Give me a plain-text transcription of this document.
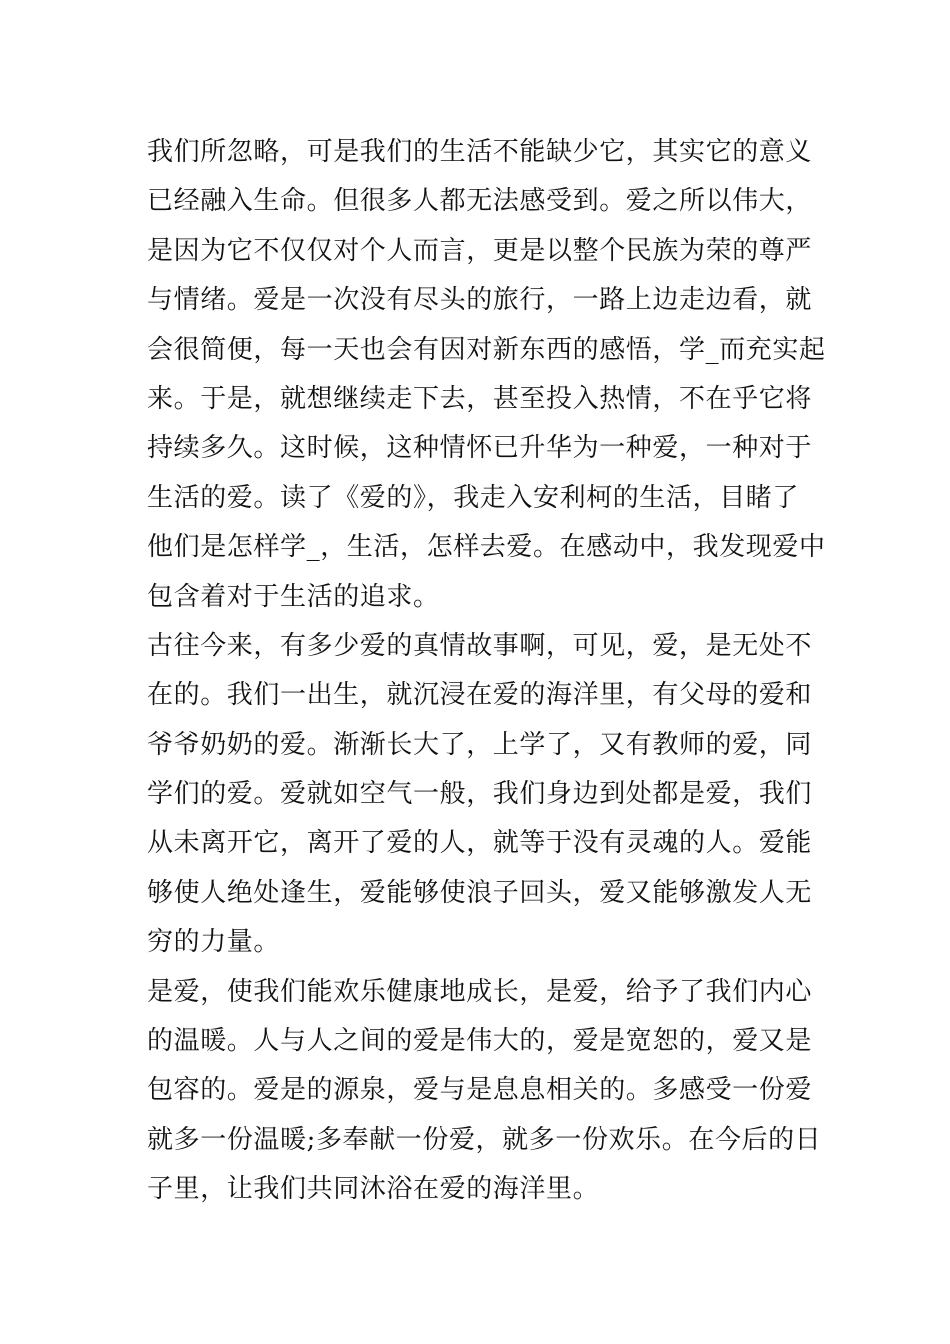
我们所忽略，可是我们的生活不能缺少它，其实它的意义
已经融入生命。但很多人都无法感受到。爱之所以伟大，
是因为它不仅仅对个人而言，更是以整个民族为荣的尊严
与情绪。爱是一次没有尽头的旅行，一路上边走边看，就
会很简便，每一天也会有因对新东西的感悟，学_而充实起
来。于是，就想继续走下去，甚至投入热情，不在乎它将
持续多久。这时候，这种情怀已升华为一种爱，一种对于
生活的爱。读了《爱的》，我走入安利柯的生活，目睹了
他们是怎样学_，生活，怎样去爱。在感动中，我发现爱中
包含着对于生活的追求。
古往今来，有多少爱的真情故事啊，可见，爱，是无处不
在的。我们一出生，就沉浸在爱的海洋里，有父母的爱和
爷爷奶奶的爱。渐渐长大了，上学了，又有教师的爱，同
学们的爱。爱就如空气一般，我们身边到处都是爱，我们
从未离开它，离开了爱的人，就等于没有灵魂的人。爱能
够使人绝处逢生，爱能够使浪子回头，爱又能够激发人无
穷的力量。
是爱，使我们能欢乐健康地成长，是爱，给予了我们内心
的温暖。人与人之间的爱是伟大的，爱是宽恕的，爱又是
包容的。爱是的源泉，爱与是息息相关的。多感受一份爱
就多一份温暖;多奉献一份爱，就多一份欢乐。在今后的日
子里，让我们共同沐浴在爱的海洋里。
